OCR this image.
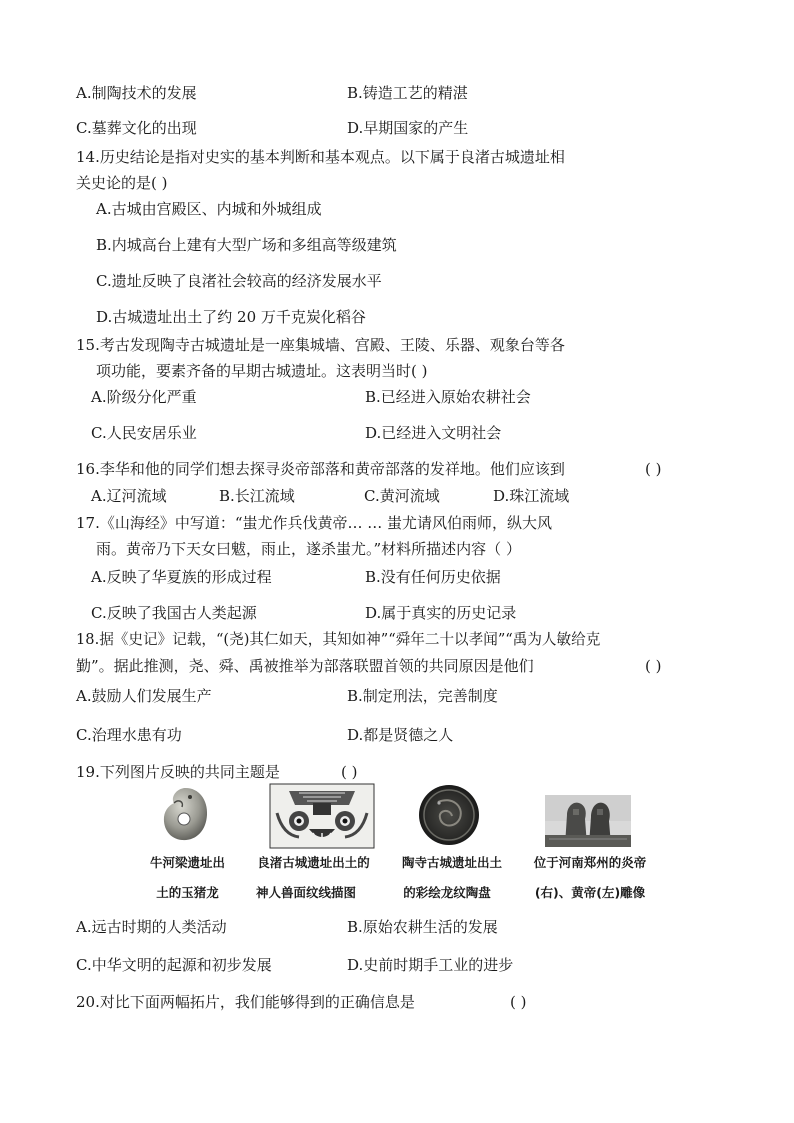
A.制陶技术的发展	B.铸造工艺的精湛
C.墓葬文化的出现	D.早期国家的产生
14.历史结论是指对史实的基本判断和基本观点。以下属于良渚古城遗址相
关史论的是( )
A.古城由宫殿区、内城和外城组成
B.内城高台上建有大型广场和多组高等级建筑
C.遗址反映了良渚社会较高的经济发展水平
D.古城遗址出土了约 20 万千克炭化稻谷
15.考古发现陶寺古城遗址是一座集城墙、宫殿、王陵、乐器、观象台等各
项功能，要素齐备的早期古城遗址。这表明当时( )
A.阶级分化严重	B.已经进入原始农耕社会
C.人民安居乐业	D.已经进入文明社会
16.李华和他的同学们想去探寻炎帝部落和黄帝部落的发祥地。他们应该到	( )
A.辽河流域	B.长江流域	C.黄河流域	D.珠江流域
17.《山海经》中写道：“蚩尤作兵伐黄帝… … 蚩尤请风伯雨师，纵大风
雨。黄帝乃下天女曰魃，雨止，遂杀蚩尤。”材料所描述内容（ ）
A.反映了华夏族的形成过程	B.没有任何历史依据
C.反映了我国古人类起源	D.属于真实的历史记录
18.据《史记》记载，“(尧)其仁如天，其知如神”“舜年二十以孝闻”“禹为人敏给克
勤”。据此推测，尧、舜、禹被推举为部落联盟首领的共同原因是他们	( )
A.鼓励人们发展生产	B.制定刑法，完善制度
C.治理水患有功	D.都是贤德之人
19.下列图片反映的共同主题是	( )
牛河梁遗址出
土的玉猪龙
良渚古城遗址出土的
神人兽面纹线描图
陶寺古城遗址出土
的彩绘龙纹陶盘
位于河南郑州的炎帝
(右)、黄帝(左)雕像
A.远古时期的人类活动	B.原始农耕生活的发展
C.中华文明的起源和初步发展	D.史前时期手工业的进步
20.对比下面两幅拓片，我们能够得到的正确信息是	( )
